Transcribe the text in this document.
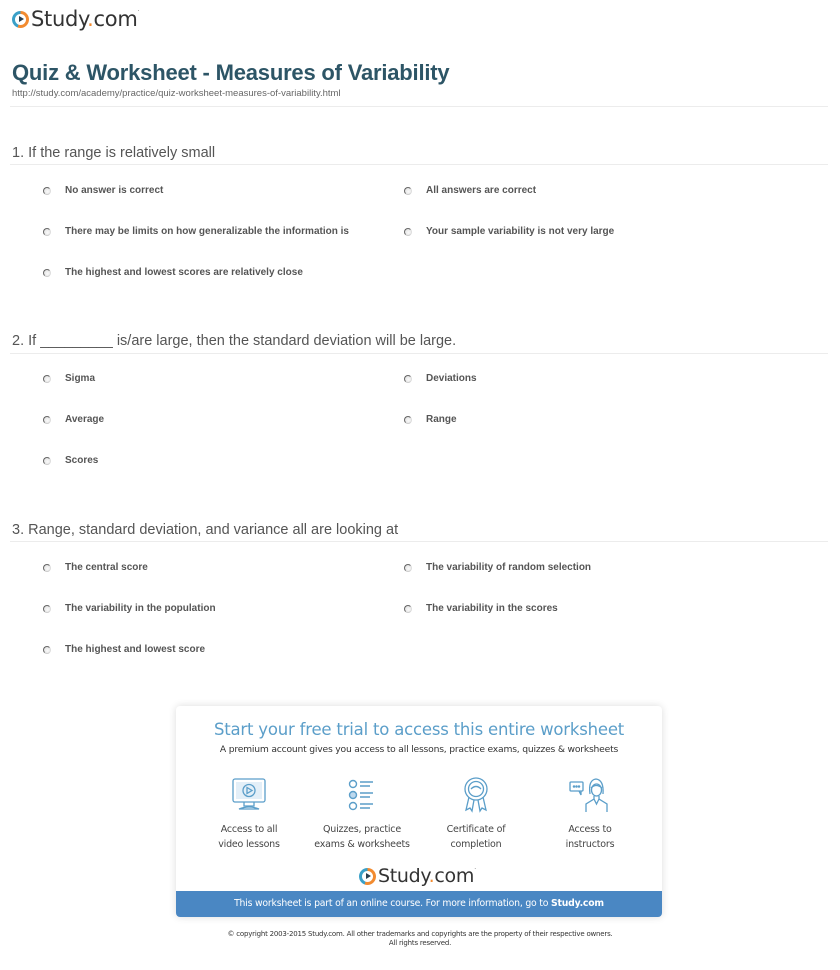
Study.com·
Quiz & Worksheet - Measures of Variability
http://study.com/academy/practice/quiz-worksheet-measures-of-variability.html
1. If the range is relatively small
No answer is correct	All answers are correct
There may be limits on how generalizable the information is	Your sample variability is not very large
The highest and lowest scores are relatively close
2. If _________ is/are large, then the standard deviation will be large.
Sigma	Deviations
Average	Range
Scores
3. Range, standard deviation, and variance all are looking at
The central score	The variability of random selection
The variability in the population	The variability in the scores
The highest and lowest score
Start your free trial to access this entire worksheet
A premium account gives you access to all lessons, practice exams, quizzes & worksheets
Access to all
video lessons
Quizzes, practice
exams & worksheets
Certificate of
completion
Access to
instructors
Study.com·
This worksheet is part of an online course. For more information, go to Study.com
© copyright 2003-2015 Study.com. All other trademarks and copyrights are the property of their respective owners.
All rights reserved.
